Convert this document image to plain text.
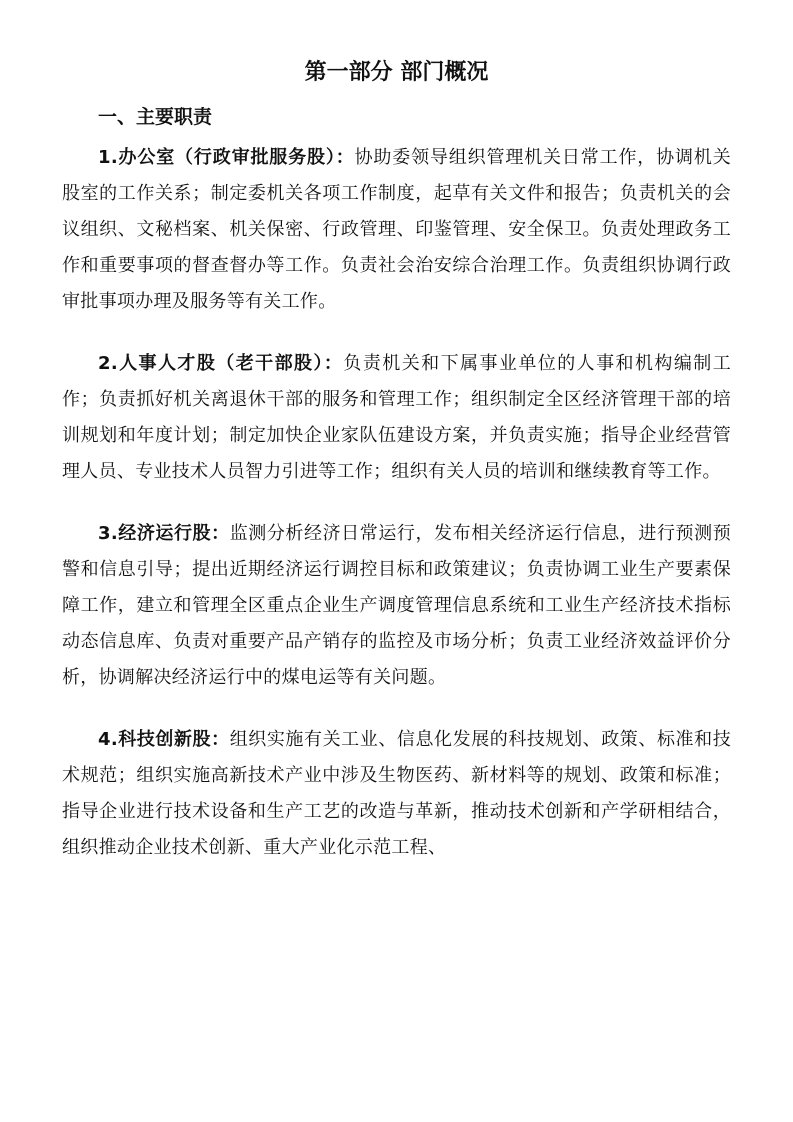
第一部分 部门概况
一、主要职责

1.办公室（行政审批服务股）：协助委领导组织管理机关日常工作，协调机关股室的工作关系；制定委机关各项工作制度，起草有关文件和报告；负责机关的会议组织、文秘档案、机关保密、行政管理、印鉴管理、安全保卫。负责处理政务工作和重要事项的督查督办等工作。负责社会治安综合治理工作。负责组织协调行政审批事项办理及服务等有关工作。

2.人事人才股（老干部股）：负责机关和下属事业单位的人事和机构编制工作；负责抓好机关离退休干部的服务和管理工作；组织制定全区经济管理干部的培训规划和年度计划；制定加快企业家队伍建设方案，并负责实施；指导企业经营管理人员、专业技术人员智力引进等工作；组织有关人员的培训和继续教育等工作。

3.经济运行股：监测分析经济日常运行，发布相关经济运行信息，进行预测预警和信息引导；提出近期经济运行调控目标和政策建议；负责协调工业生产要素保障工作，建立和管理全区重点企业生产调度管理信息系统和工业生产经济技术指标动态信息库、负责对重要产品产销存的监控及市场分析；负责工业经济效益评价分析，协调解决经济运行中的煤电运等有关问题。

4.科技创新股：组织实施有关工业、信息化发展的科技规划、政策、标准和技术规范；组织实施高新技术产业中涉及生物医药、新材料等的规划、政策和标准；指导企业进行技术设备和生产工艺的改造与革新，推动技术创新和产学研相结合，组织推动企业技术创新、重大产业化示范工程、
